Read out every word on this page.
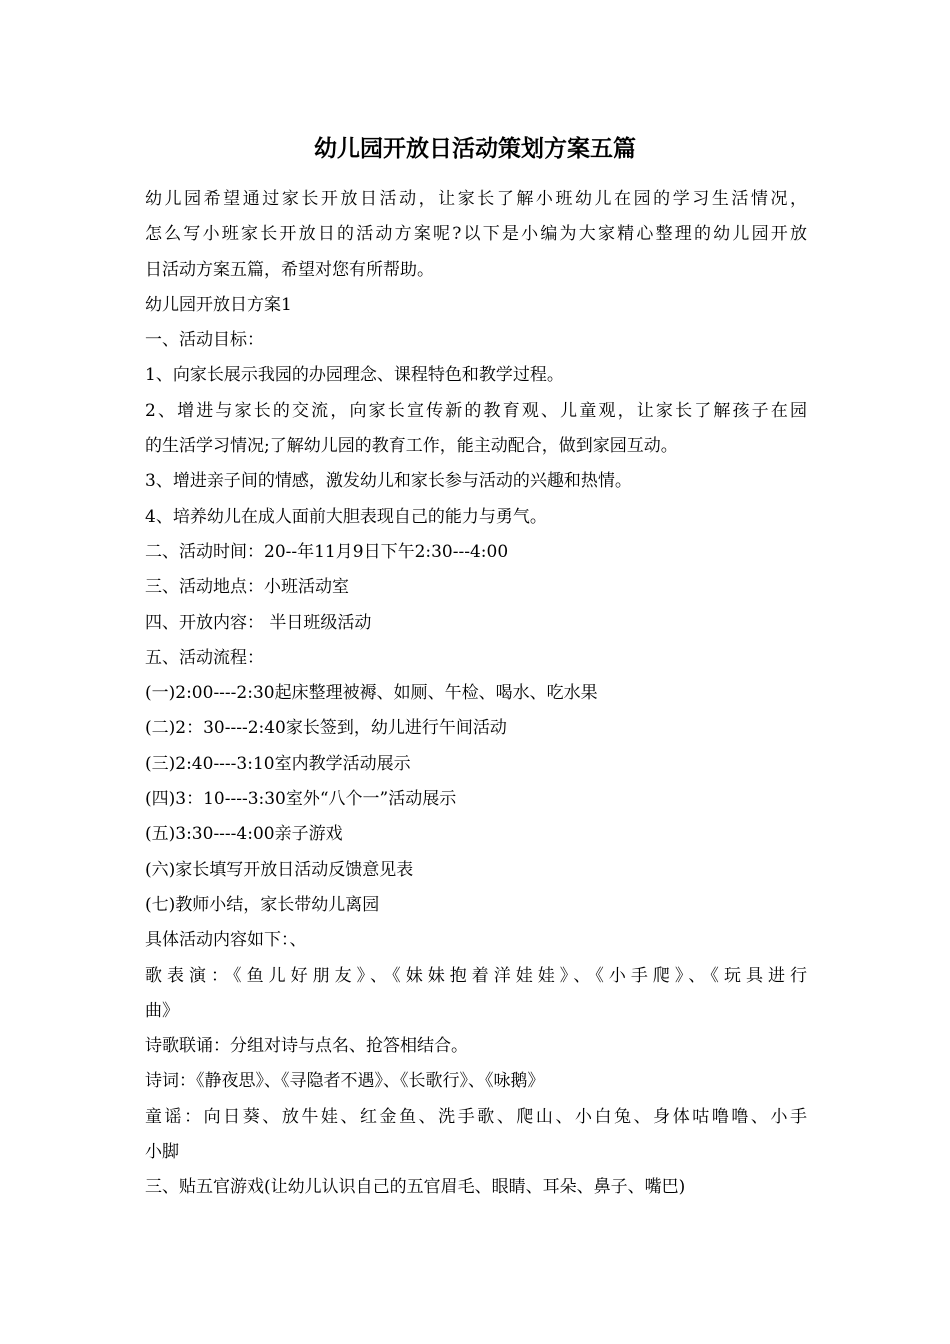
幼儿园开放日活动策划方案五篇

幼儿园希望通过家长开放日活动，让家长了解小班幼儿在园的学习生活情况，

怎么写小班家长开放日的活动方案呢?以下是小编为大家精心整理的幼儿园开放

日活动方案五篇，希望对您有所帮助。

幼儿园开放日方案1

一、活动目标：

1、向家长展示我园的办园理念、课程特色和教学过程。

2、增进与家长的交流，向家长宣传新的教育观、儿童观，让家长了解孩子在园

的生活学习情况;了解幼儿园的教育工作，能主动配合，做到家园互动。

3、增进亲子间的情感，激发幼儿和家长参与活动的兴趣和热情。

4、培养幼儿在成人面前大胆表现自己的能力与勇气。

二、活动时间：20--年11月9日下午2:30---4:00

三、活动地点：小班活动室

四、开放内容： 半日班级活动

五、活动流程：

(一)2:00----2:30起床整理被褥、如厕、午检、喝水、吃水果

(二)2：30----2:40家长签到，幼儿进行午间活动

(三)2:40----3:10室内教学活动展示

(四)3：10----3:30室外“八个一”活动展示

(五)3:30----4:00亲子游戏

(六)家长填写开放日活动反馈意见表

(七)教师小结，家长带幼儿离园

具体活动内容如下：、

歌表演：《鱼儿好朋友》、《妹妹抱着洋娃娃》、《小手爬》、《玩具进行

曲》

诗歌联诵：分组对诗与点名、抢答相结合。

诗词：《静夜思》、《寻隐者不遇》、《长歌行》、《咏鹅》

童谣：向日葵、放牛娃、红金鱼、洗手歌、爬山、小白兔、身体咕噜噜、小手

小脚

三、贴五官游戏(让幼儿认识自己的五官眉毛、眼睛、耳朵、鼻子、嘴巴)
